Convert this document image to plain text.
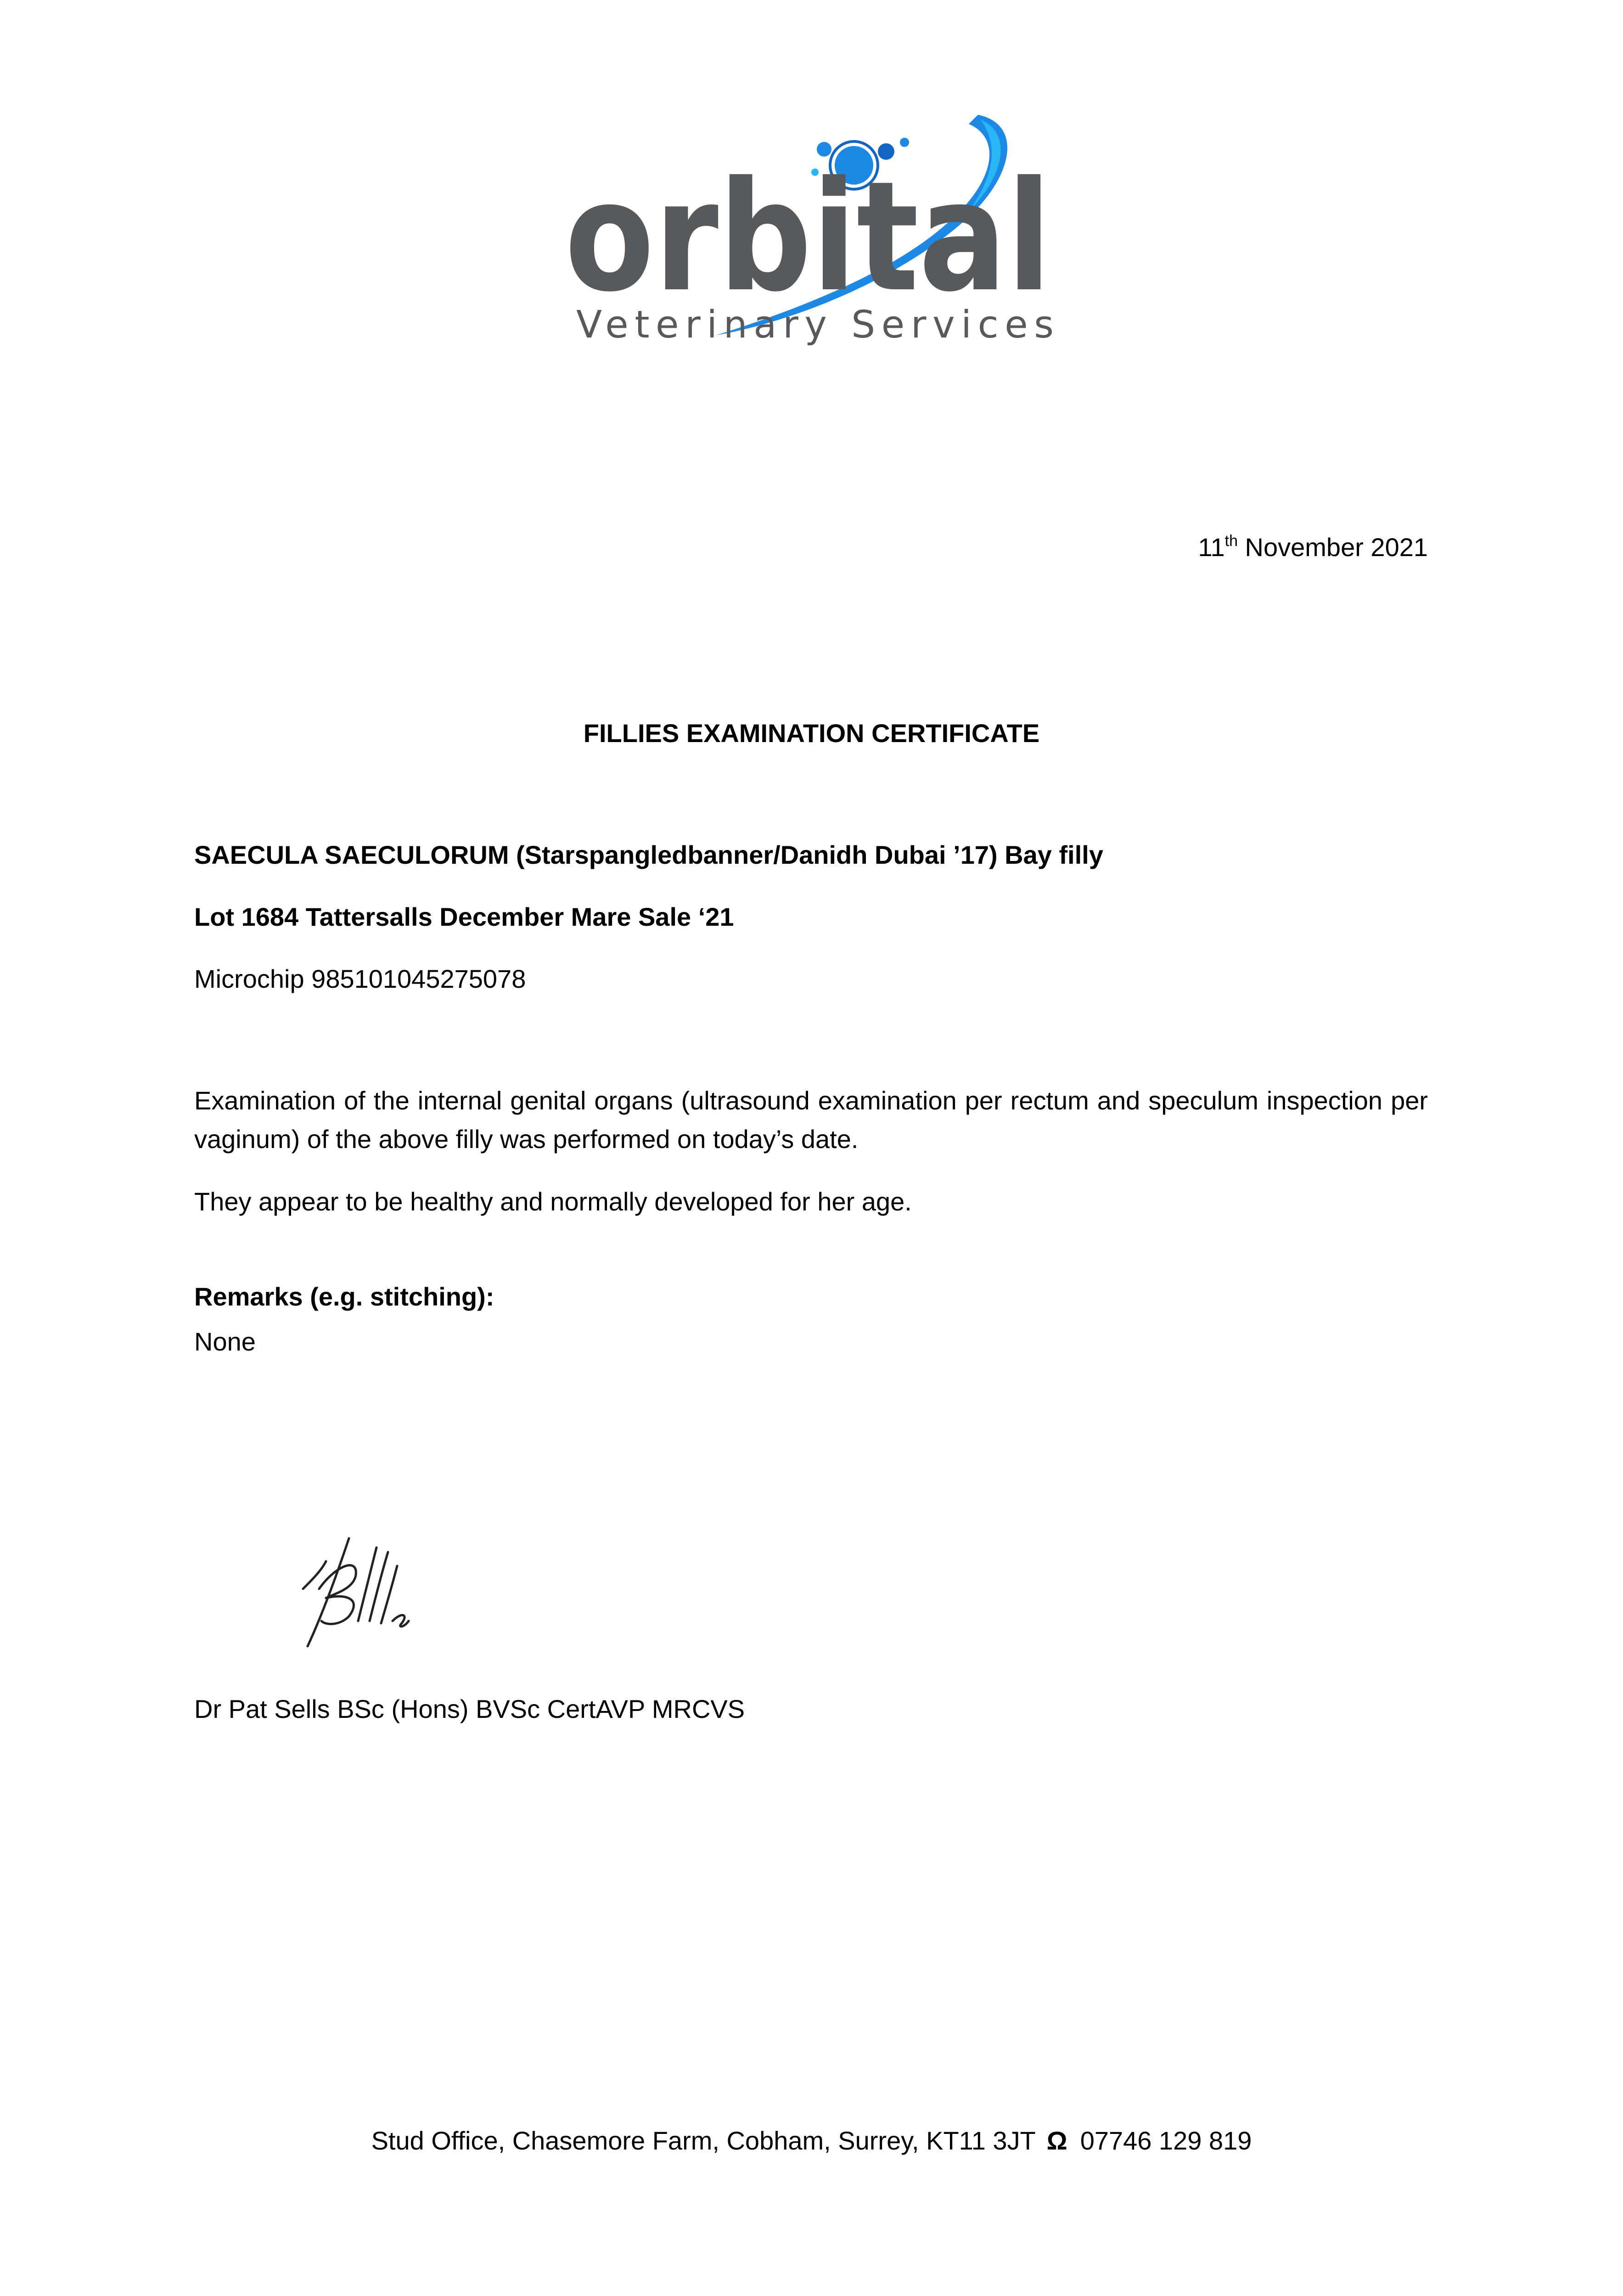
orbital
Veterinary Services
11th November 2021
FILLIES EXAMINATION CERTIFICATE
SAECULA SAECULORUM (Starspangledbanner/Danidh Dubai ’17) Bay filly
Lot 1684 Tattersalls December Mare Sale ‘21
Microchip 985101045275078
Examination of the internal genital organs (ultrasound examination per rectum and speculum inspection per vaginum) of the above filly was performed on today’s date.
They appear to be healthy and normally developed for her age.
Remarks (e.g. stitching):
None
Dr Pat Sells BSc (Hons) BVSc CertAVP MRCVS
Stud Office, Chasemore Farm, Cobham, Surrey, KT11 3JT Ω 07746 129 819
